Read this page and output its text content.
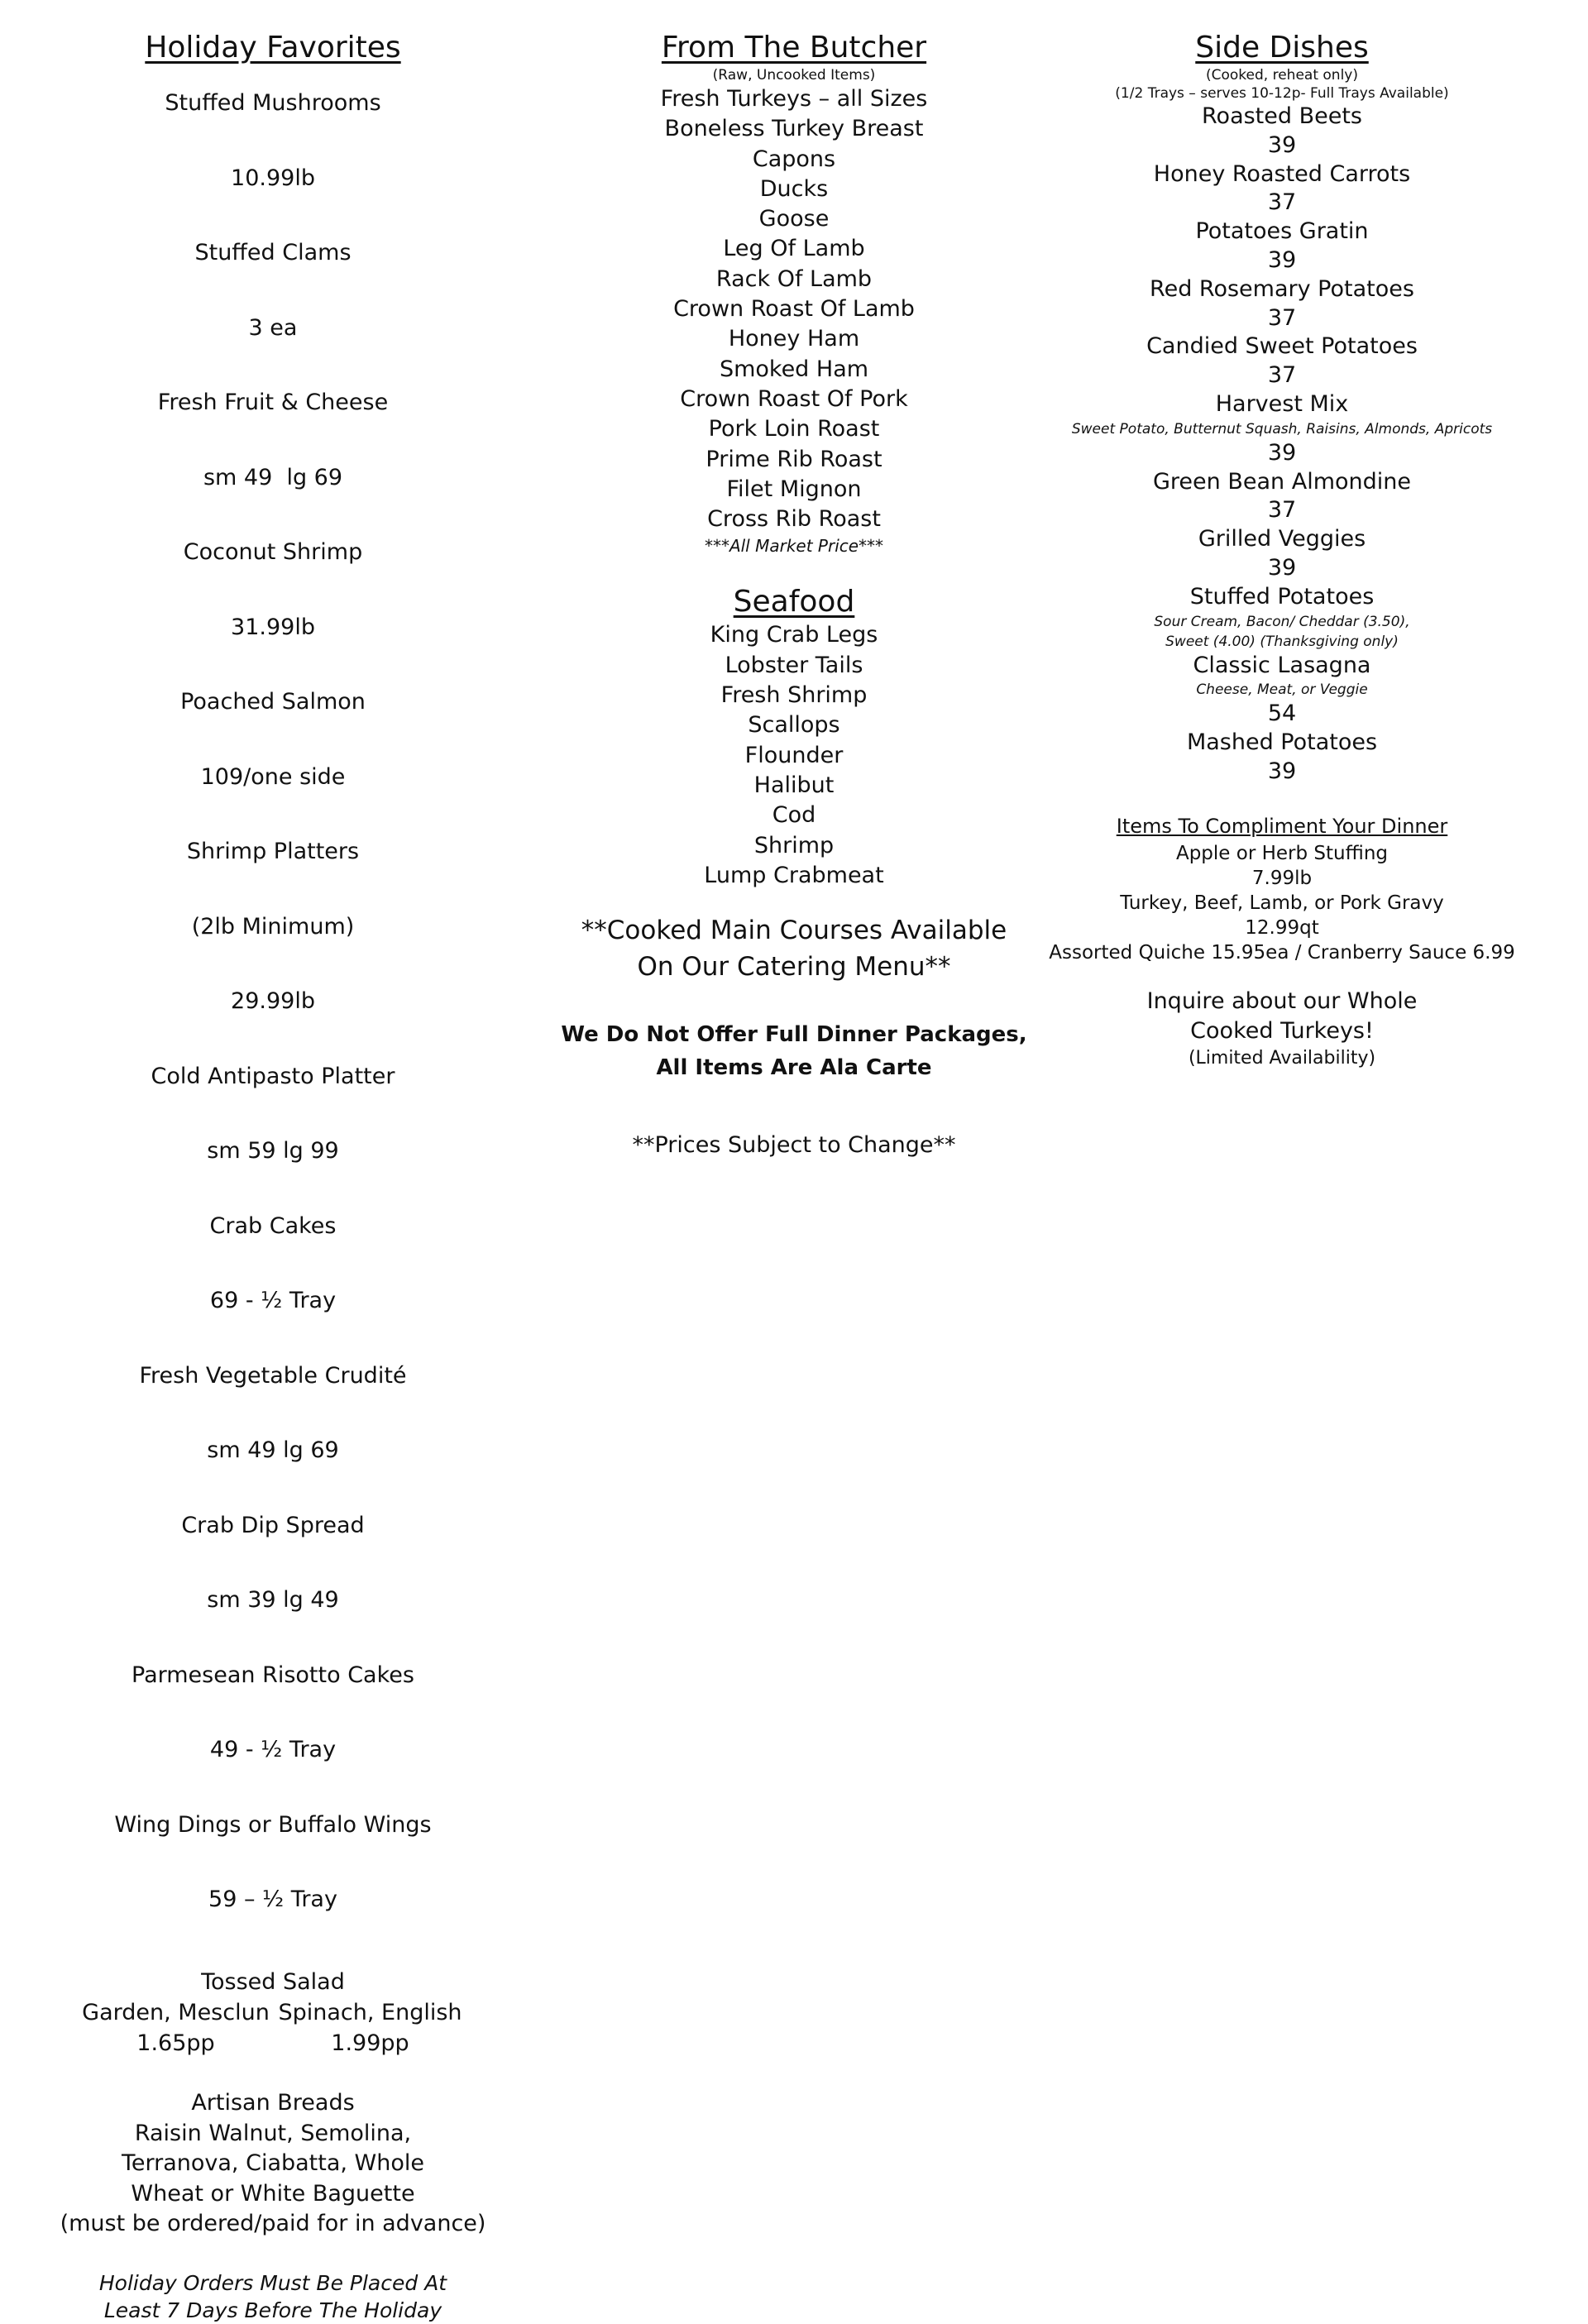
Holiday Favorites

Stuffed Mushrooms

10.99lb

Stuffed Clams

3 ea

Fresh Fruit & Cheese

sm 49  lg 69

Coconut Shrimp

31.99lb

Poached Salmon

109/one side

Shrimp Platters

(2lb Minimum)

29.99lb

Cold Antipasto Platter

sm 59 lg 99

Crab Cakes

69 - ½ Tray

Fresh Vegetable Crudité

sm 49 lg 69

Crab Dip Spread

sm 39 lg 49

Parmesean Risotto Cakes

49 - ½ Tray

Wing Dings or Buffalo Wings

59 – ½ Tray

Tossed Salad

Garden, Mesclun
1.65pp
Spinach, English
1.99pp

Artisan Breads

Raisin Walnut, Semolina,

Terranova, Ciabatta, Whole

Wheat or White Baguette

(must be ordered/paid for in advance)

Holiday Orders Must Be Placed At

Least 7 Days Before The Holiday

From The Butcher

(Raw, Uncooked Items)

Fresh Turkeys – all Sizes

Boneless Turkey Breast

Capons

Ducks

Goose

Leg Of Lamb

Rack Of Lamb

Crown Roast Of Lamb

Honey Ham

Smoked Ham

Crown Roast Of Pork

Pork Loin Roast

Prime Rib Roast

Filet Mignon

Cross Rib Roast

***All Market Price***

Seafood

King Crab Legs

Lobster Tails

Fresh Shrimp

Scallops

Flounder

Halibut

Cod

Shrimp

Lump Crabmeat

**Cooked Main Courses Available

On Our Catering Menu**

We Do Not Offer Full Dinner Packages,

All Items Are Ala Carte

**Prices Subject to Change**

Side Dishes

(Cooked, reheat only)

(1/2 Trays – serves 10-12p- Full Trays Available)

Roasted Beets

39

Honey Roasted Carrots

37

Potatoes Gratin

39

Red Rosemary Potatoes

37

Candied Sweet Potatoes

37

Harvest Mix

Sweet Potato, Butternut Squash, Raisins, Almonds, Apricots

39

Green Bean Almondine

37

Grilled Veggies

39

Stuffed Potatoes

Sour Cream, Bacon/ Cheddar (3.50),

Sweet (4.00) (Thanksgiving only)

Classic Lasagna

Cheese, Meat, or Veggie

54

Mashed Potatoes

39

Items To Compliment Your Dinner

Apple or Herb Stuffing

7.99lb

Turkey, Beef, Lamb, or Pork Gravy

12.99qt

Assorted Quiche 15.95ea / Cranberry Sauce 6.99

Inquire about our Whole

Cooked Turkeys!

(Limited Availability)
